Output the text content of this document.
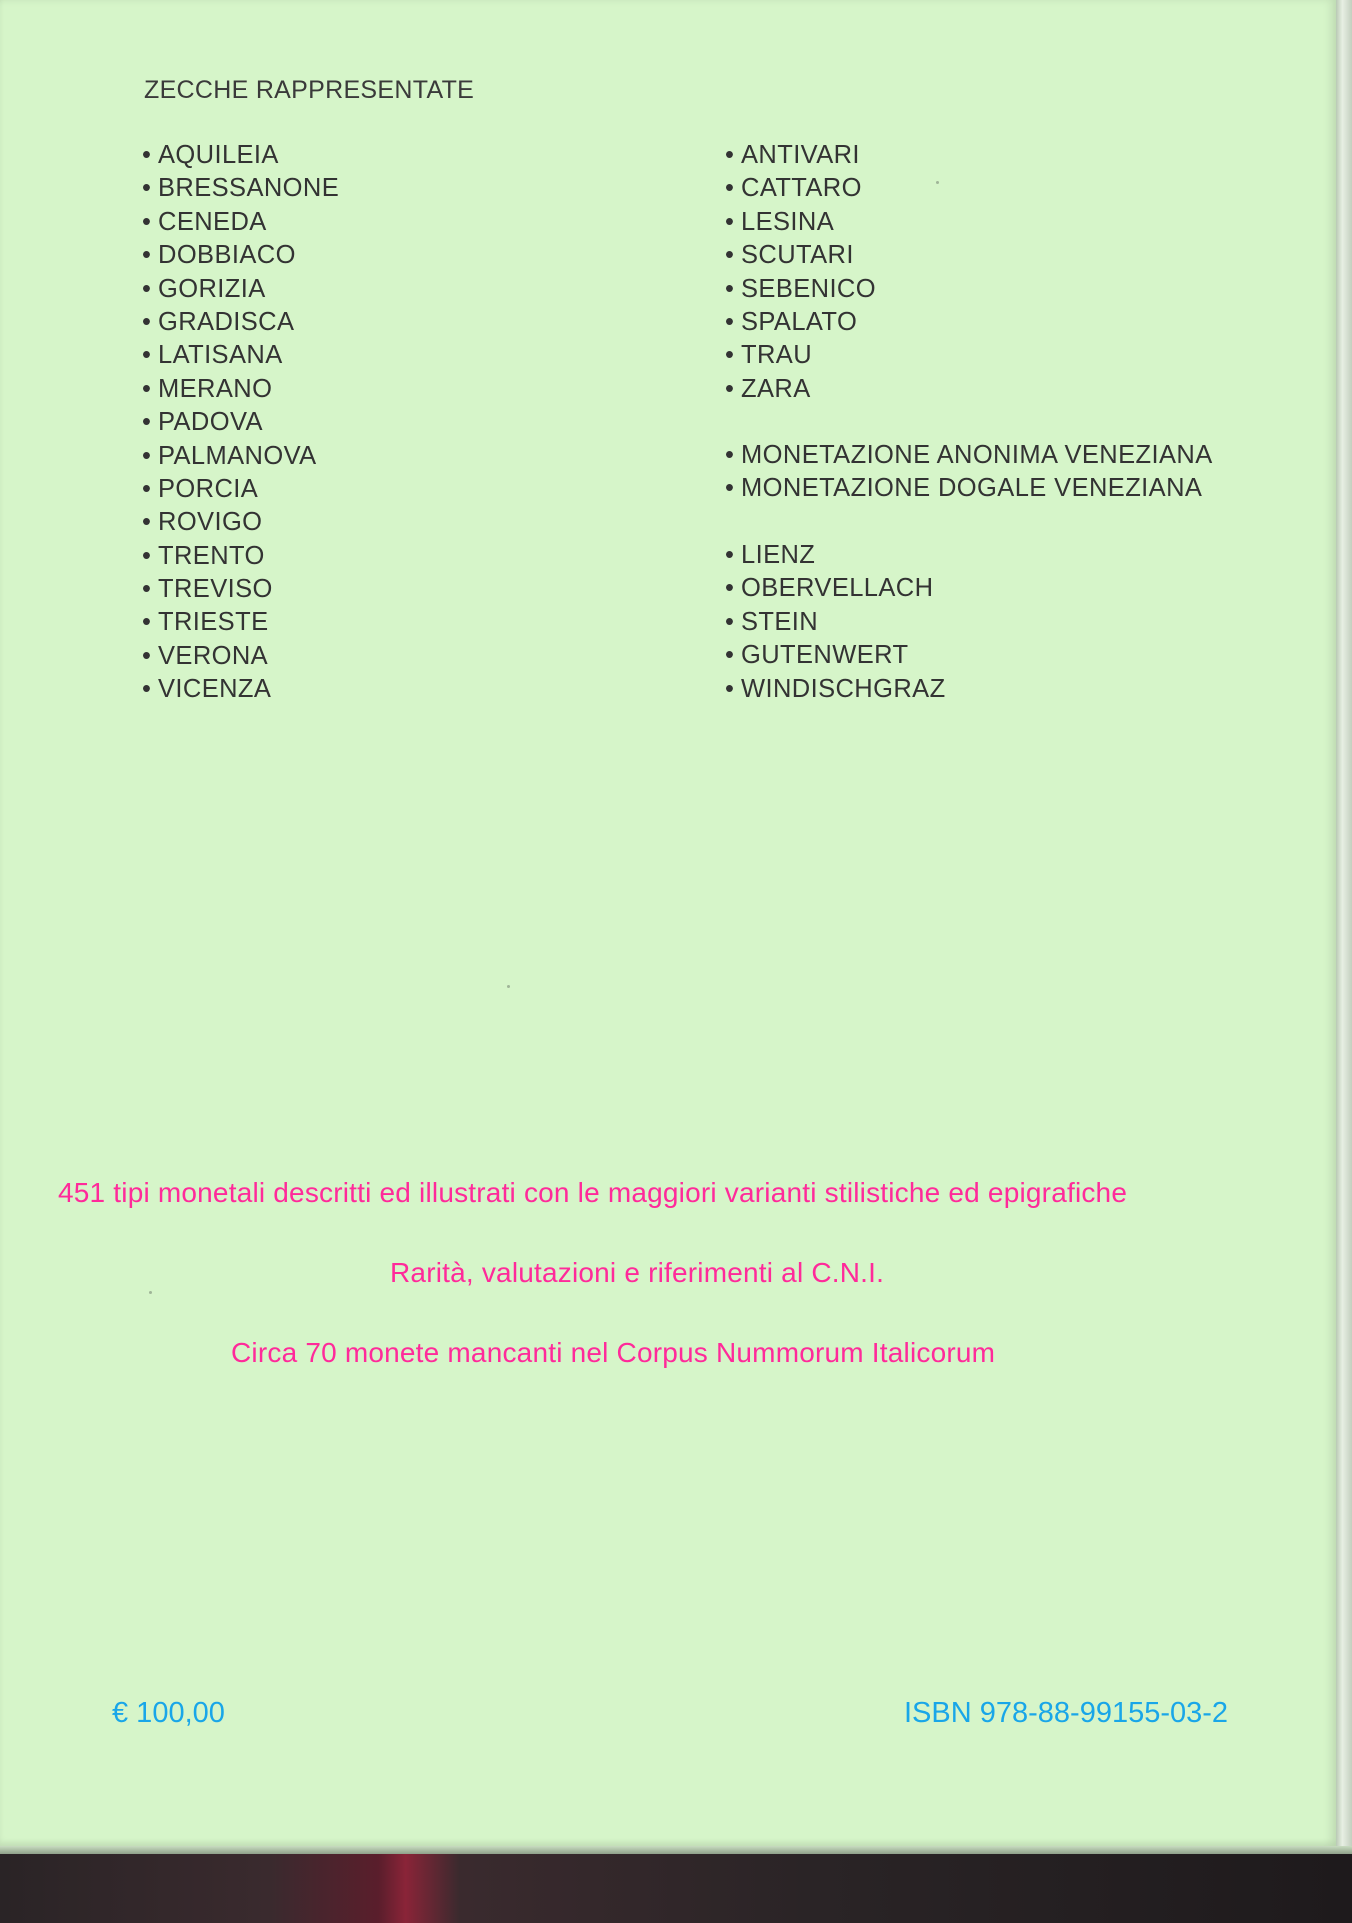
ZECCHE RAPPRESENTATE
• AQUILEIA
• BRESSANONE
• CENEDA
• DOBBIACO
• GORIZIA
• GRADISCA
• LATISANA
• MERANO
• PADOVA
• PALMANOVA
• PORCIA
• ROVIGO
• TRENTO
• TREVISO
• TRIESTE
• VERONA
• VICENZA
• ANTIVARI
• CATTARO
• LESINA
• SCUTARI
• SEBENICO
• SPALATO
• TRAU
• ZARA
• MONETAZIONE ANONIMA VENEZIANA
• MONETAZIONE DOGALE VENEZIANA
• LIENZ
• OBERVELLACH
• STEIN
• GUTENWERT
• WINDISCHGRAZ

451 tipi monetali descritti ed illustrati con le maggiori varianti stilistiche ed epigrafiche

Rarità, valutazioni e riferimenti al C.N.I.

Circa 70 monete mancanti nel Corpus Nummorum Italicorum

€ 100,00	ISBN 978-88-99155-03-2
